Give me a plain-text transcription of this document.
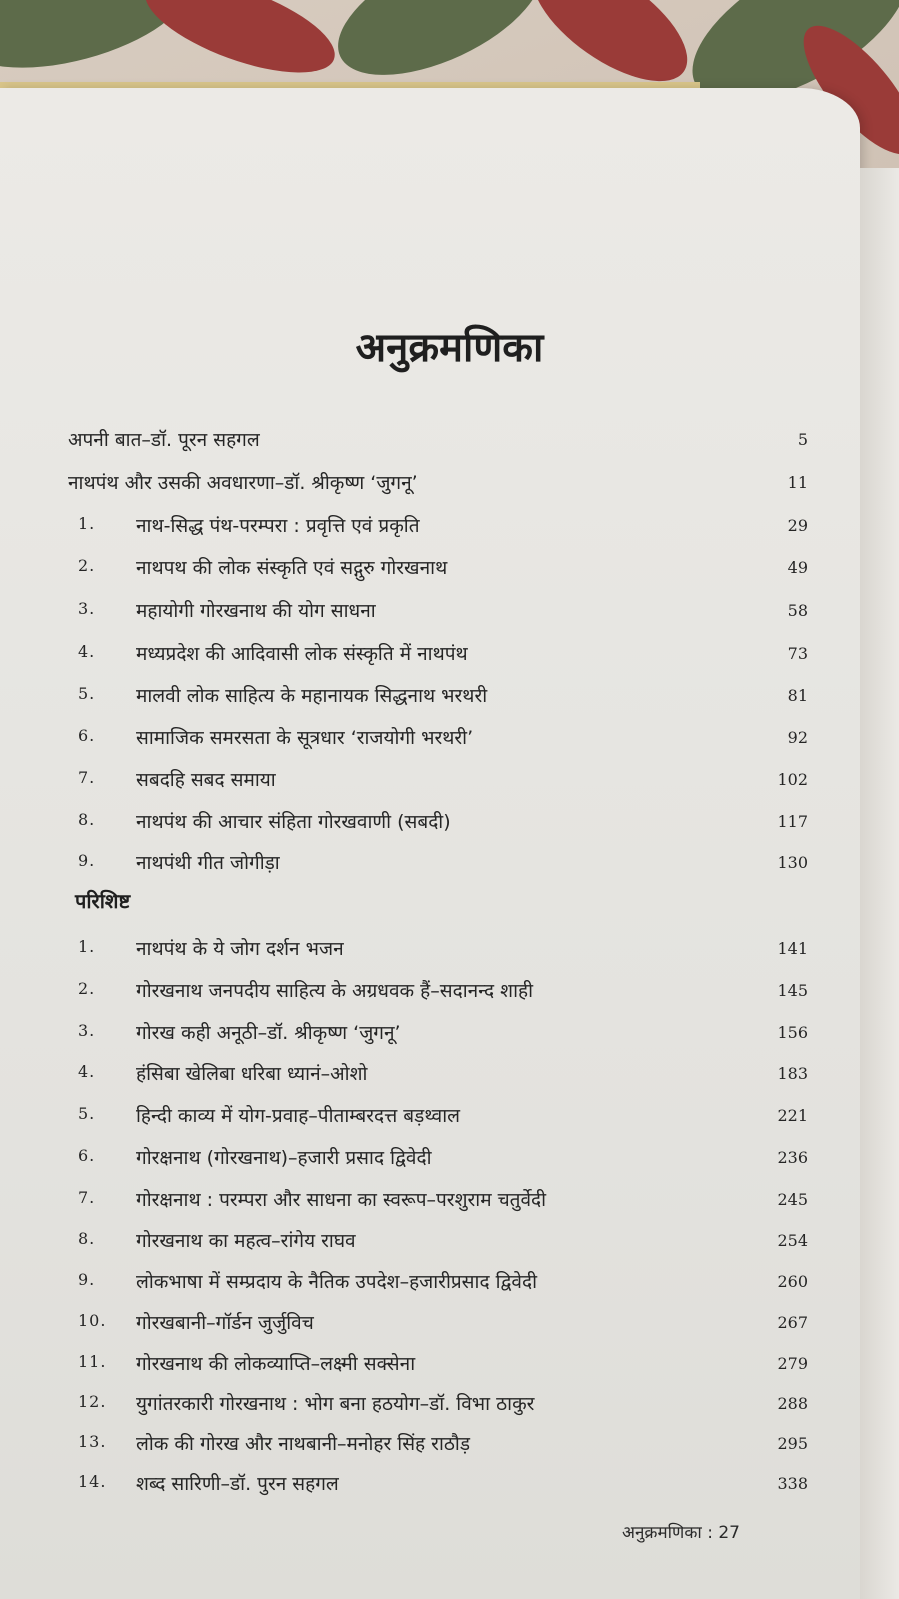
अनुक्रमणिका
अपनी बात–डॉ. पूरन सहगल	5
नाथपंथ और उसकी अवधारणा–डॉ. श्रीकृष्ण ‘जुगनू’	11
1. नाथ-सिद्ध पंथ-परम्परा : प्रवृत्ति एवं प्रकृति	29
2. नाथपथ की लोक संस्कृति एवं सद्गुरु गोरखनाथ	49
3. महायोगी गोरखनाथ की योग साधना	58
4. मध्यप्रदेश की आदिवासी लोक संस्कृति में नाथपंथ	73
5. मालवी लोक साहित्य के महानायक सिद्धनाथ भरथरी	81
6. सामाजिक समरसता के सूत्रधार ‘राजयोगी भरथरी’	92
7. सबदहि सबद समाया	102
8. नाथपंथ की आचार संहिता गोरखवाणी (सबदी)	117
9. नाथपंथी गीत जोगीड़ा	130
परिशिष्ट
1. नाथपंथ के ये जोग दर्शन भजन	141
2. गोरखनाथ जनपदीय साहित्य के अग्रधवक हैं–सदानन्द शाही	145
3. गोरख कही अनूठी–डॉ. श्रीकृष्ण ‘जुगनू’	156
4. हंसिबा खेलिबा धरिबा ध्यानं–ओशो	183
5. हिन्दी काव्य में योग-प्रवाह–पीताम्बरदत्त बड़थ्वाल	221
6. गोरक्षनाथ (गोरखनाथ)–हजारी प्रसाद द्विवेदी	236
7. गोरक्षनाथ : परम्परा और साधना का स्वरूप–परशुराम चतुर्वेदी	245
8. गोरखनाथ का महत्व–रांगेय राघव	254
9. लोकभाषा में सम्प्रदाय के नैतिक उपदेश–हजारीप्रसाद द्विवेदी	260
10. गोरखबानी–गॉर्डन जुर्जुविच	267
11. गोरखनाथ की लोकव्याप्ति–लक्ष्मी सक्सेना	279
12. युगांतरकारी गोरखनाथ : भोग बना हठयोग–डॉ. विभा ठाकुर	288
13. लोक की गोरख और नाथबानी–मनोहर सिंह राठौड़	295
14. शब्द सारिणी–डॉ. पुरन सहगल	338
अनुक्रमणिका : 27
